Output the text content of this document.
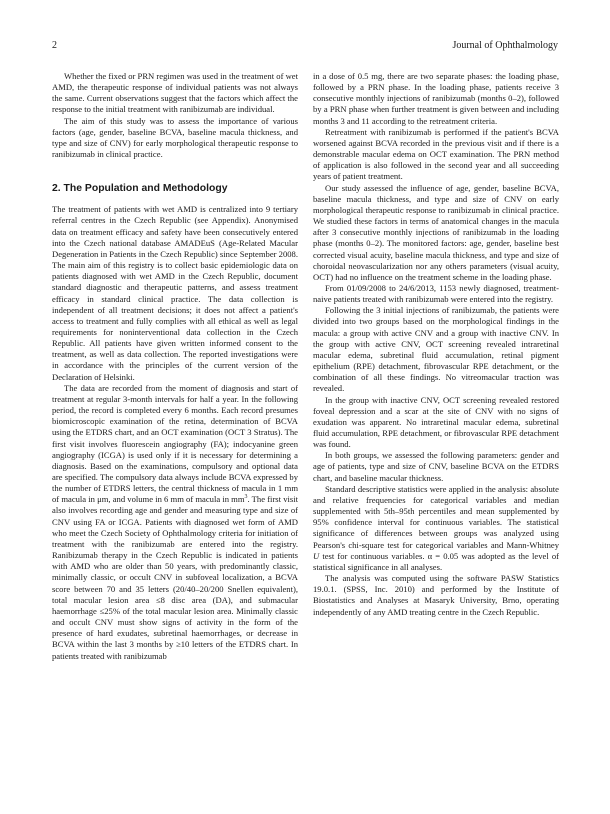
2	Journal of Ophthalmology

Whether the fixed or PRN regimen was used in the treatment of wet AMD, the therapeutic response of individual patients was not always the same. Current observations suggest that the factors which affect the response to the initial treatment with ranibizumab are individual.

The aim of this study was to assess the importance of various factors (age, gender, baseline BCVA, baseline macula thickness, and type and size of CNV) for early morphological therapeutic response to ranibizumab in clinical practice.

2. The Population and Methodology

The treatment of patients with wet AMD is centralized into 9 tertiary referral centres in the Czech Republic (see Appendix). Anonymised data on treatment efficacy and safety have been consecutively entered into the Czech national database AMADEuS (Age-Related Macular Degeneration in Patients in the Czech Republic) since September 2008. The main aim of this registry is to collect basic epidemiologic data on patients diagnosed with wet AMD in the Czech Republic, document standard diagnostic and therapeutic patterns, and assess treatment efficacy in standard clinical practice. The data collection is independent of all treatment decisions; it does not affect a patient's access to treatment and fully complies with all ethical as well as legal requirements for noninterventional data collection in the Czech Republic. All patients have given written informed consent to the treatment, as well as data collection. The reported investigations were in accordance with the principles of the current version of the Declaration of Helsinki.

The data are recorded from the moment of diagnosis and start of treatment at regular 3-month intervals for half a year. In the following period, the record is completed every 6 months. Each record presumes biomicroscopic examination of the retina, determination of BCVA using the ETDRS chart, and an OCT examination (OCT 3 Stratus). The first visit involves fluorescein angiography (FA); indocyanine green angiography (ICGA) is used only if it is necessary for determining a diagnosis. Based on the examinations, compulsory and optional data are specified. The compulsory data always include BCVA expressed by the number of ETDRS letters, the central thickness of macula in 1 mm of macula in μm, and volume in 6 mm of macula in $mm^3$. The first visit also involves recording age and gender and measuring type and size of CNV using FA or ICGA. Patients with diagnosed wet form of AMD who meet the Czech Society of Ophthalmology criteria for initiation of treatment with the ranibizumab are entered into the registry. Ranibizumab therapy in the Czech Republic is indicated in patients with AMD who are older than 50 years, with predominantly classic, minimally classic, or occult CNV in subfoveal localization, a BCVA score between 70 and 35 letters (20/40–20/200 Snellen equivalent), total macular lesion area ≤8 disc area (DA), and submacular haemorrhage ≤25% of the total macular lesion area. Minimally classic and occult CNV must show signs of activity in the form of the presence of hard exudates, subretinal haemorrhages, or decrease in BCVA within the last 3 months by ≥10 letters of the ETDRS chart. In patients treated with ranibizumab

in a dose of 0.5 mg, there are two separate phases: the loading phase, followed by a PRN phase. In the loading phase, patients receive 3 consecutive monthly injections of ranibizumab (months 0–2), followed by a PRN phase when further treatment is given between and including months 3 and 11 according to the retreatment criteria.

Retreatment with ranibizumab is performed if the patient's BCVA worsened against BCVA recorded in the previous visit and if there is a demonstrable macular edema on OCT examination. The PRN method of application is also followed in the second year and all succeeding years of patient treatment.

Our study assessed the influence of age, gender, baseline BCVA, baseline macula thickness, and type and size of CNV on early morphological therapeutic response to ranibizumab in clinical practice. We studied these factors in terms of anatomical changes in the macula after 3 consecutive monthly injections of ranibizumab in the loading phase (months 0–2). The monitored factors: age, gender, baseline best corrected visual acuity, baseline macula thickness, and type and size of choroidal neovascularization nor any others parameters (visual acuity, OCT) had no influence on the treatment scheme in the loading phase.

From 01/09/2008 to 24/6/2013, 1153 newly diagnosed, treatment-naive patients treated with ranibizumab were entered into the registry.

Following the 3 initial injections of ranibizumab, the patients were divided into two groups based on the morphological findings in the macula: a group with active CNV and a group with inactive CNV. In the group with active CNV, OCT screening revealed intraretinal macular edema, subretinal fluid accumulation, retinal pigment epithelium (RPE) detachment, fibrovascular RPE detachment, or the combination of all these findings. No vitreomacular traction was revealed.

In the group with inactive CNV, OCT screening revealed restored foveal depression and a scar at the site of CNV with no signs of exudation was apparent. No intraretinal macular edema, subretinal fluid accumulation, RPE detachment, or fibrovascular RPE detachment was found.

In both groups, we assessed the following parameters: gender and age of patients, type and size of CNV, baseline BCVA on the ETDRS chart, and baseline macular thickness.

Standard descriptive statistics were applied in the analysis: absolute and relative frequencies for categorical variables and median supplemented with 5th–95th percentiles and mean supplemented by 95% confidence interval for continuous variables. The statistical significance of differences between groups was analyzed using Pearson's chi-square test for categorical variables and Mann-Whitney U test for continuous variables. α = 0.05 was adopted as the level of statistical significance in all analyses.

The analysis was computed using the software PASW Statistics 19.0.1. (SPSS, Inc. 2010) and performed by the Institute of Biostatistics and Analyses at Masaryk University, Brno, operating independently of any AMD treating centre in the Czech Republic.
